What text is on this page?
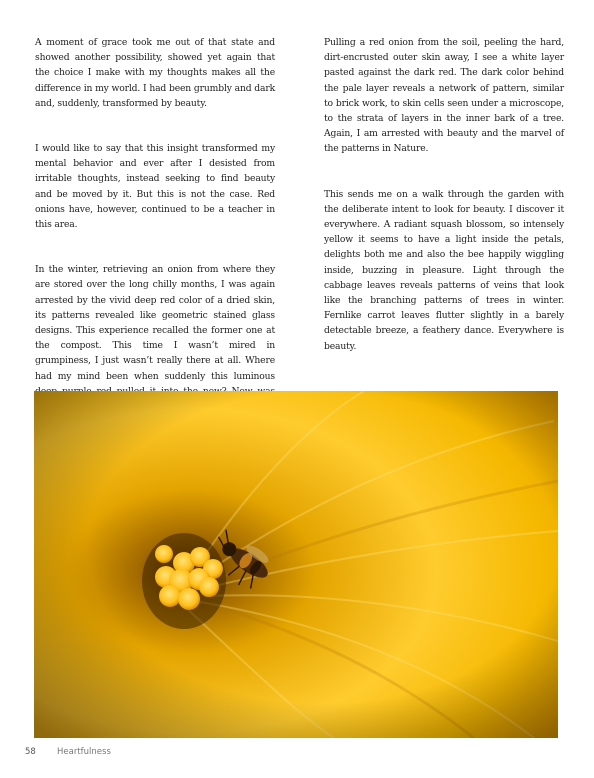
A moment of grace took me out of that state and showed another possibility, showed yet again that the choice I make with my thoughts makes all the difference in my world. I had been grumbly and dark and, suddenly, transformed by beauty.

I would like to say that this insight transformed my mental behavior and ever after I desisted from irritable thoughts, instead seeking to find beauty and be moved by it. But this is not the case. Red onions have, however, continued to be a teacher in this area.

In the winter, retrieving an onion from where they are stored over the long chilly months, I was again arrested by the vivid deep red color of a dried skin, its patterns revealed like geometric stained glass designs. This experience recalled the former one at the compost. This time I wasn’t mired in grumpiness, I just wasn’t really there at all. Where had my mind been when suddenly this luminous

Pulling a red onion from the soil, peeling the hard, dirt-encrusted outer skin away, I see a white layer pasted against the dark red. The dark color behind the pale layer reveals a network of pattern, similar to brick work, to skin cells seen under a microscope, to the strata of layers in the inner bark of a tree. Again, I am arrested with beauty and the marvel of the patterns in Nature.

This sends me on a walk through the garden with the deliberate intent to look for beauty. I discover it everywhere. A radiant squash blossom, so intensely yellow it seems to have a light inside the petals, delights both me and also the bee happily wiggling inside, buzzing in pleasure. Light through the cabbage leaves reveals patterns of veins that look like the branching patterns of trees in winter. Fernlike carrot leaves flutter slightly in a barely detectable breeze, a feathery dance. Everywhere is beauty.

58 Heartfulness
